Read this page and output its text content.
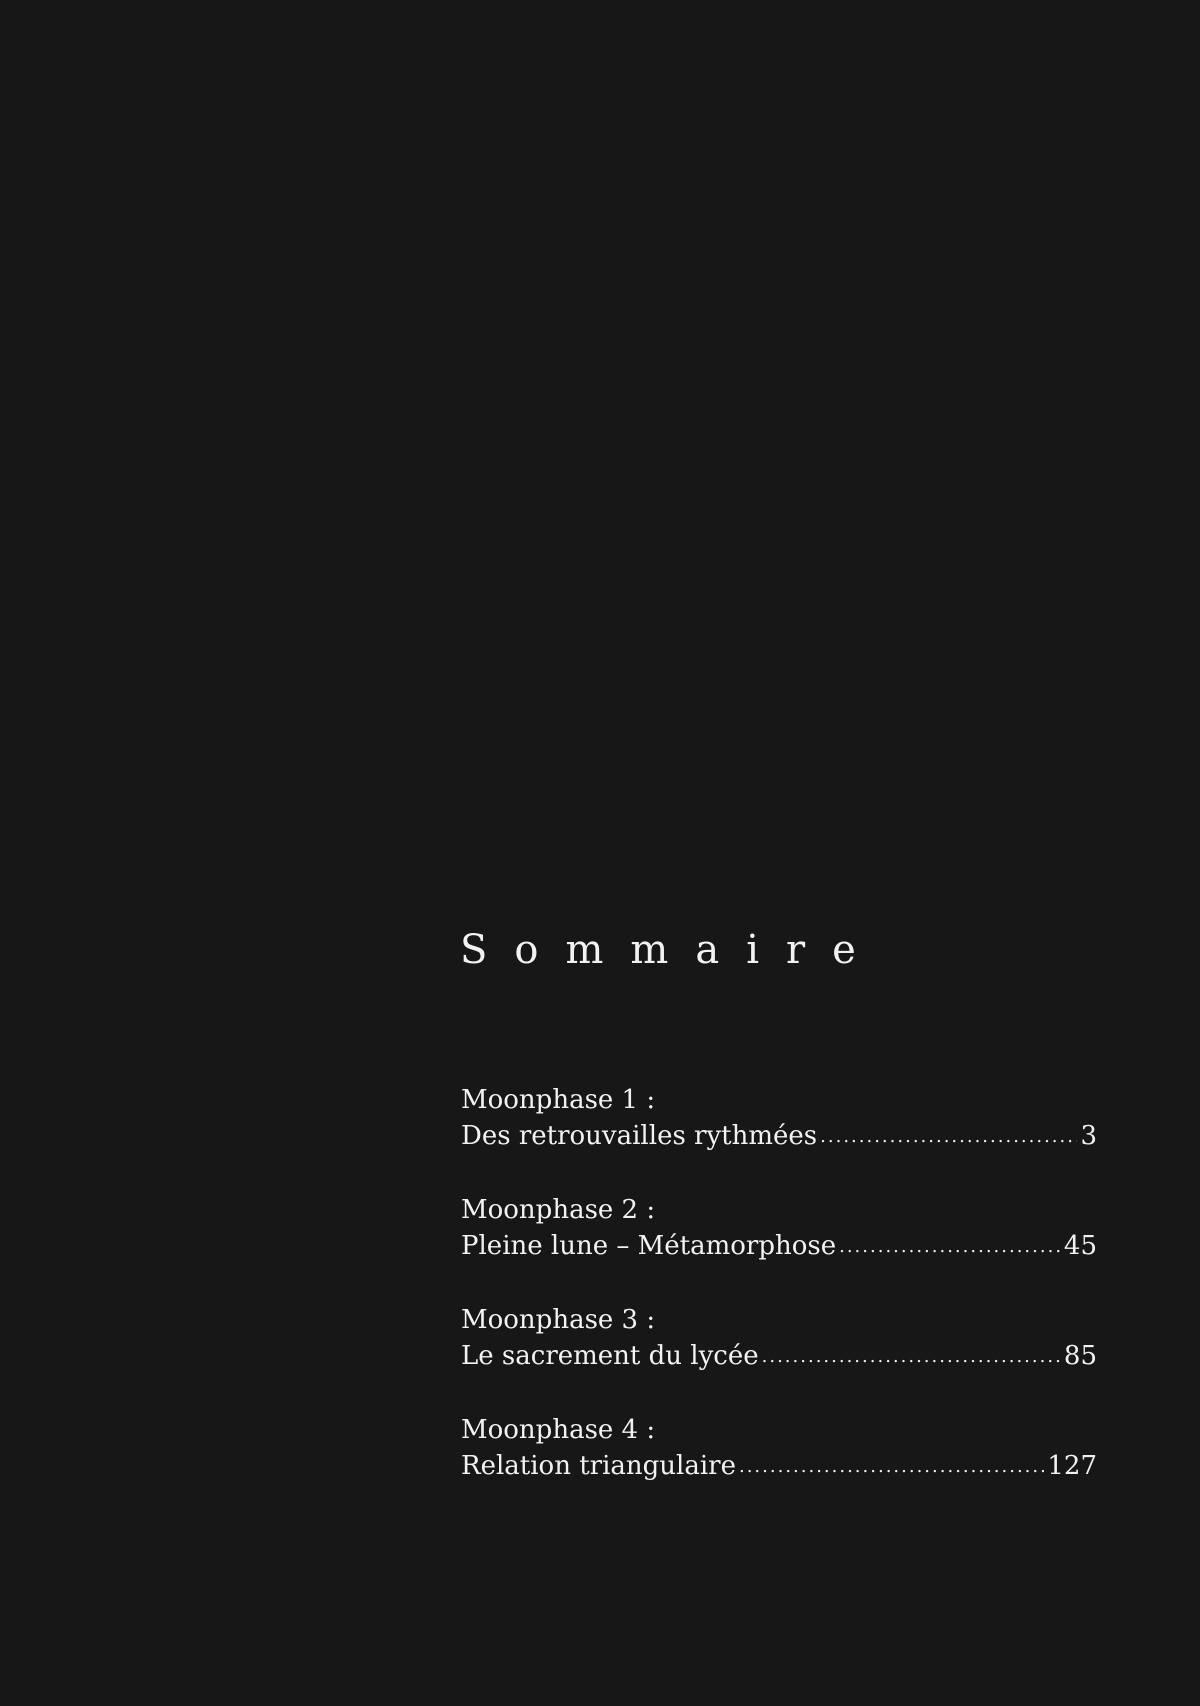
Sommaire
Moonphase 1 :
Des retrouvailles rythmées .....	3
Moonphase 2 :
Pleine lune – Métamorphose .....	45
Moonphase 3 :
Le sacrement du lycée .....	85
Moonphase 4 :
Relation triangulaire .....	127
